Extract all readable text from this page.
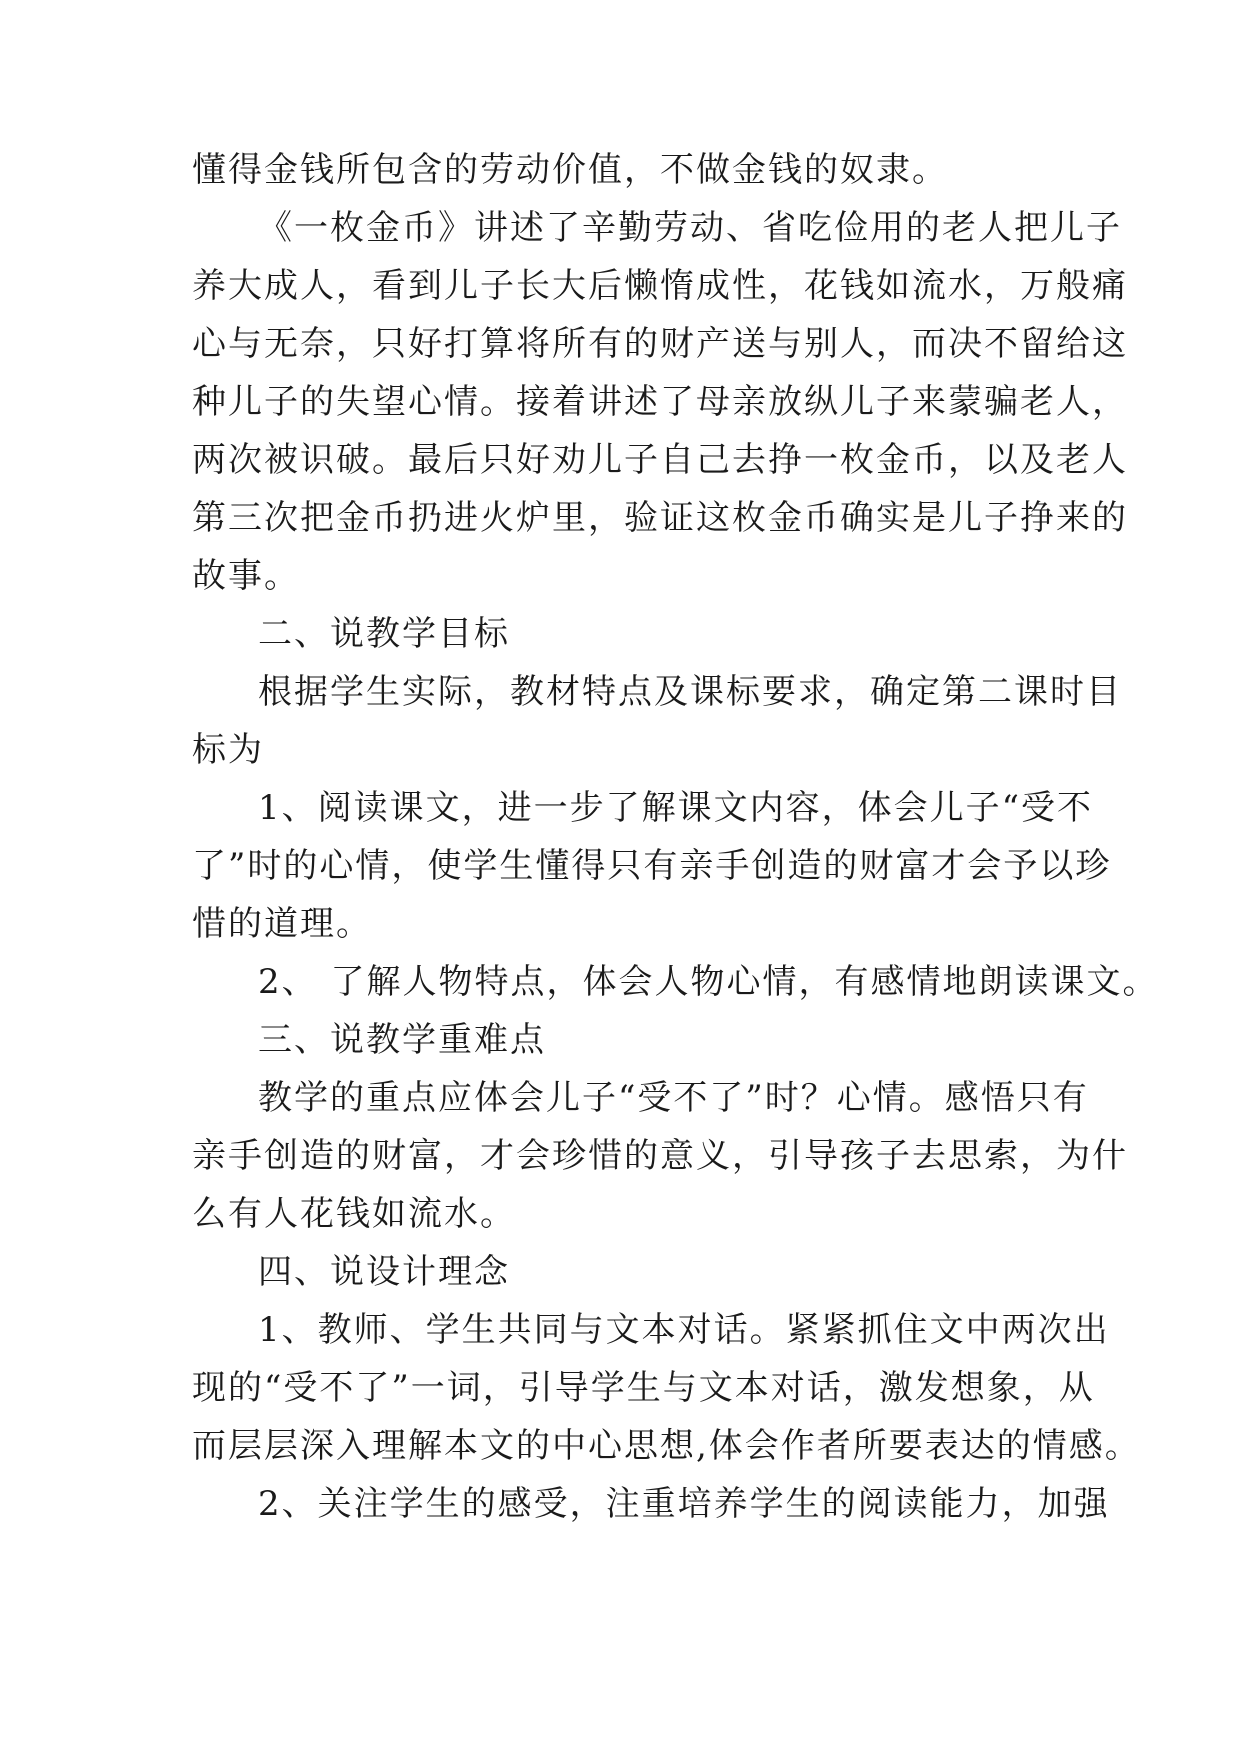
懂得金钱所包含的劳动价值，不做金钱的奴隶。
《一枚金币》讲述了辛勤劳动、省吃俭用的老人把儿子
养大成人，看到儿子长大后懒惰成性，花钱如流水，万般痛
心与无奈，只好打算将所有的财产送与别人，而决不留给这
种儿子的失望心情。接着讲述了母亲放纵儿子来蒙骗老人，
两次被识破。最后只好劝儿子自己去挣一枚金币，以及老人
第三次把金币扔进火炉里，验证这枚金币确实是儿子挣来的
故事。
二、说教学目标
根据学生实际，教材特点及课标要求，确定第二课时目
标为
1、阅读课文，进一步了解课文内容，体会儿子“受不
了”时的心情，使学生懂得只有亲手创造的财富才会予以珍
惜的道理。
2、 了解人物特点，体会人物心情，有感情地朗读课文。
三、说教学重难点
教学的重点应体会儿子“受不了”时？心情。感悟只有
亲手创造的财富，才会珍惜的意义，引导孩子去思索，为什
么有人花钱如流水。
四、说设计理念
1、教师、学生共同与文本对话。紧紧抓住文中两次出
现的“受不了”一词，引导学生与文本对话，激发想象，从
而层层深入理解本文的中心思想,体会作者所要表达的情感。
2、关注学生的感受，注重培养学生的阅读能力，加强
